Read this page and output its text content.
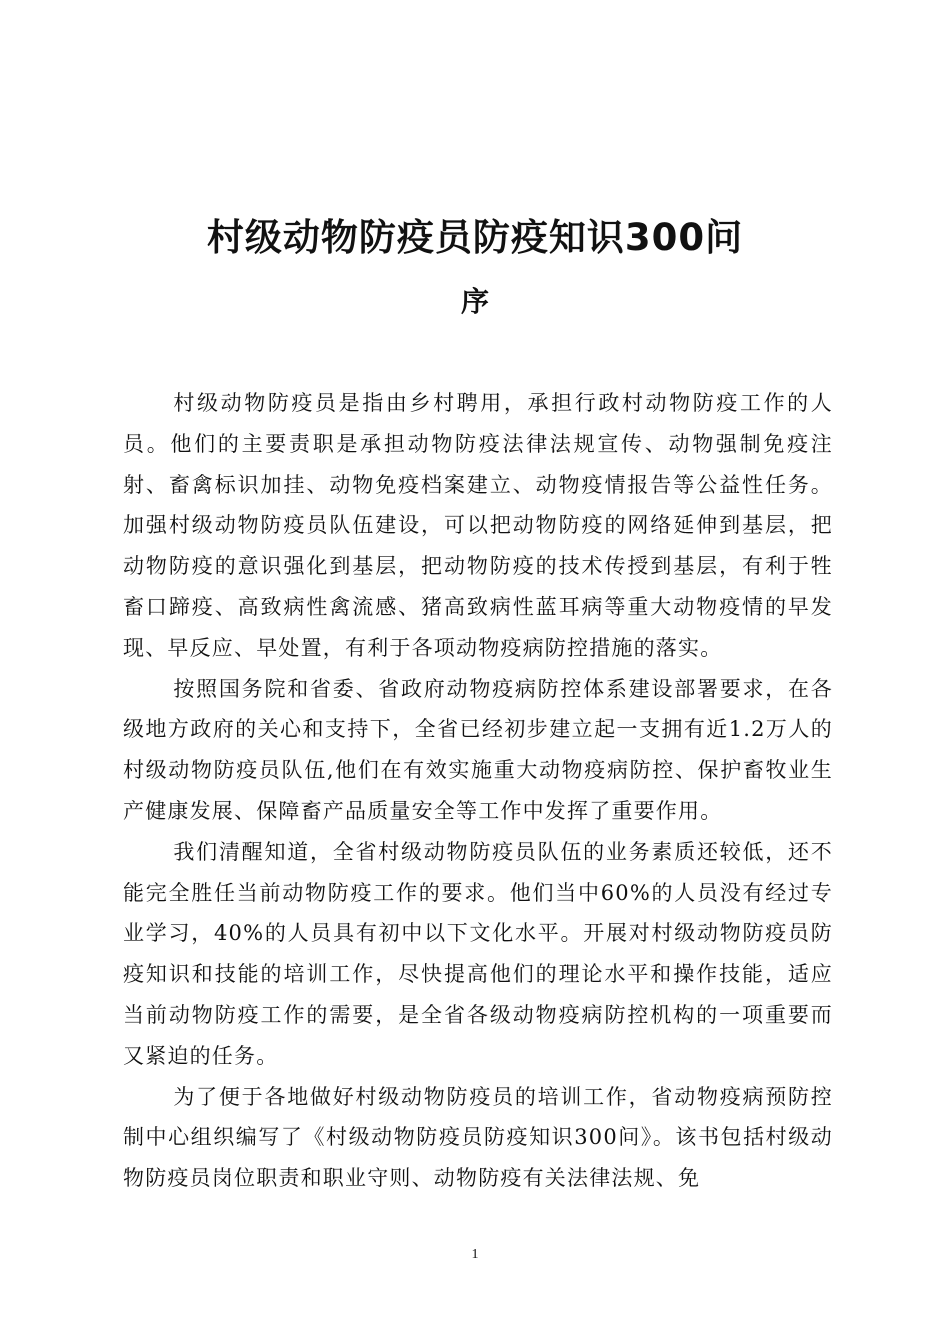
村级动物防疫员防疫知识300问
序

村级动物防疫员是指由乡村聘用，承担行政村动物防疫工作的人员。他们的主要责职是承担动物防疫法律法规宣传、动物强制免疫注射、畜禽标识加挂、动物免疫档案建立、动物疫情报告等公益性任务。加强村级动物防疫员队伍建设，可以把动物防疫的网络延伸到基层，把动物防疫的意识强化到基层，把动物防疫的技术传授到基层，有利于牲畜口蹄疫、高致病性禽流感、猪高致病性蓝耳病等重大动物疫情的早发现、早反应、早处置，有利于各项动物疫病防控措施的落实。

按照国务院和省委、省政府动物疫病防控体系建设部署要求，在各级地方政府的关心和支持下，全省已经初步建立起一支拥有近1.2万人的村级动物防疫员队伍,他们在有效实施重大动物疫病防控、保护畜牧业生产健康发展、保障畜产品质量安全等工作中发挥了重要作用。

我们清醒知道，全省村级动物防疫员队伍的业务素质还较低，还不能完全胜任当前动物防疫工作的要求。他们当中60%的人员没有经过专业学习，40%的人员具有初中以下文化水平。开展对村级动物防疫员防疫知识和技能的培训工作，尽快提高他们的理论水平和操作技能，适应当前动物防疫工作的需要，是全省各级动物疫病防控机构的一项重要而又紧迫的任务。

为了便于各地做好村级动物防疫员的培训工作，省动物疫病预防控制中心组织编写了《村级动物防疫员防疫知识300问》。该书包括村级动物防疫员岗位职责和职业守则、动物防疫有关法律法规、免

1
